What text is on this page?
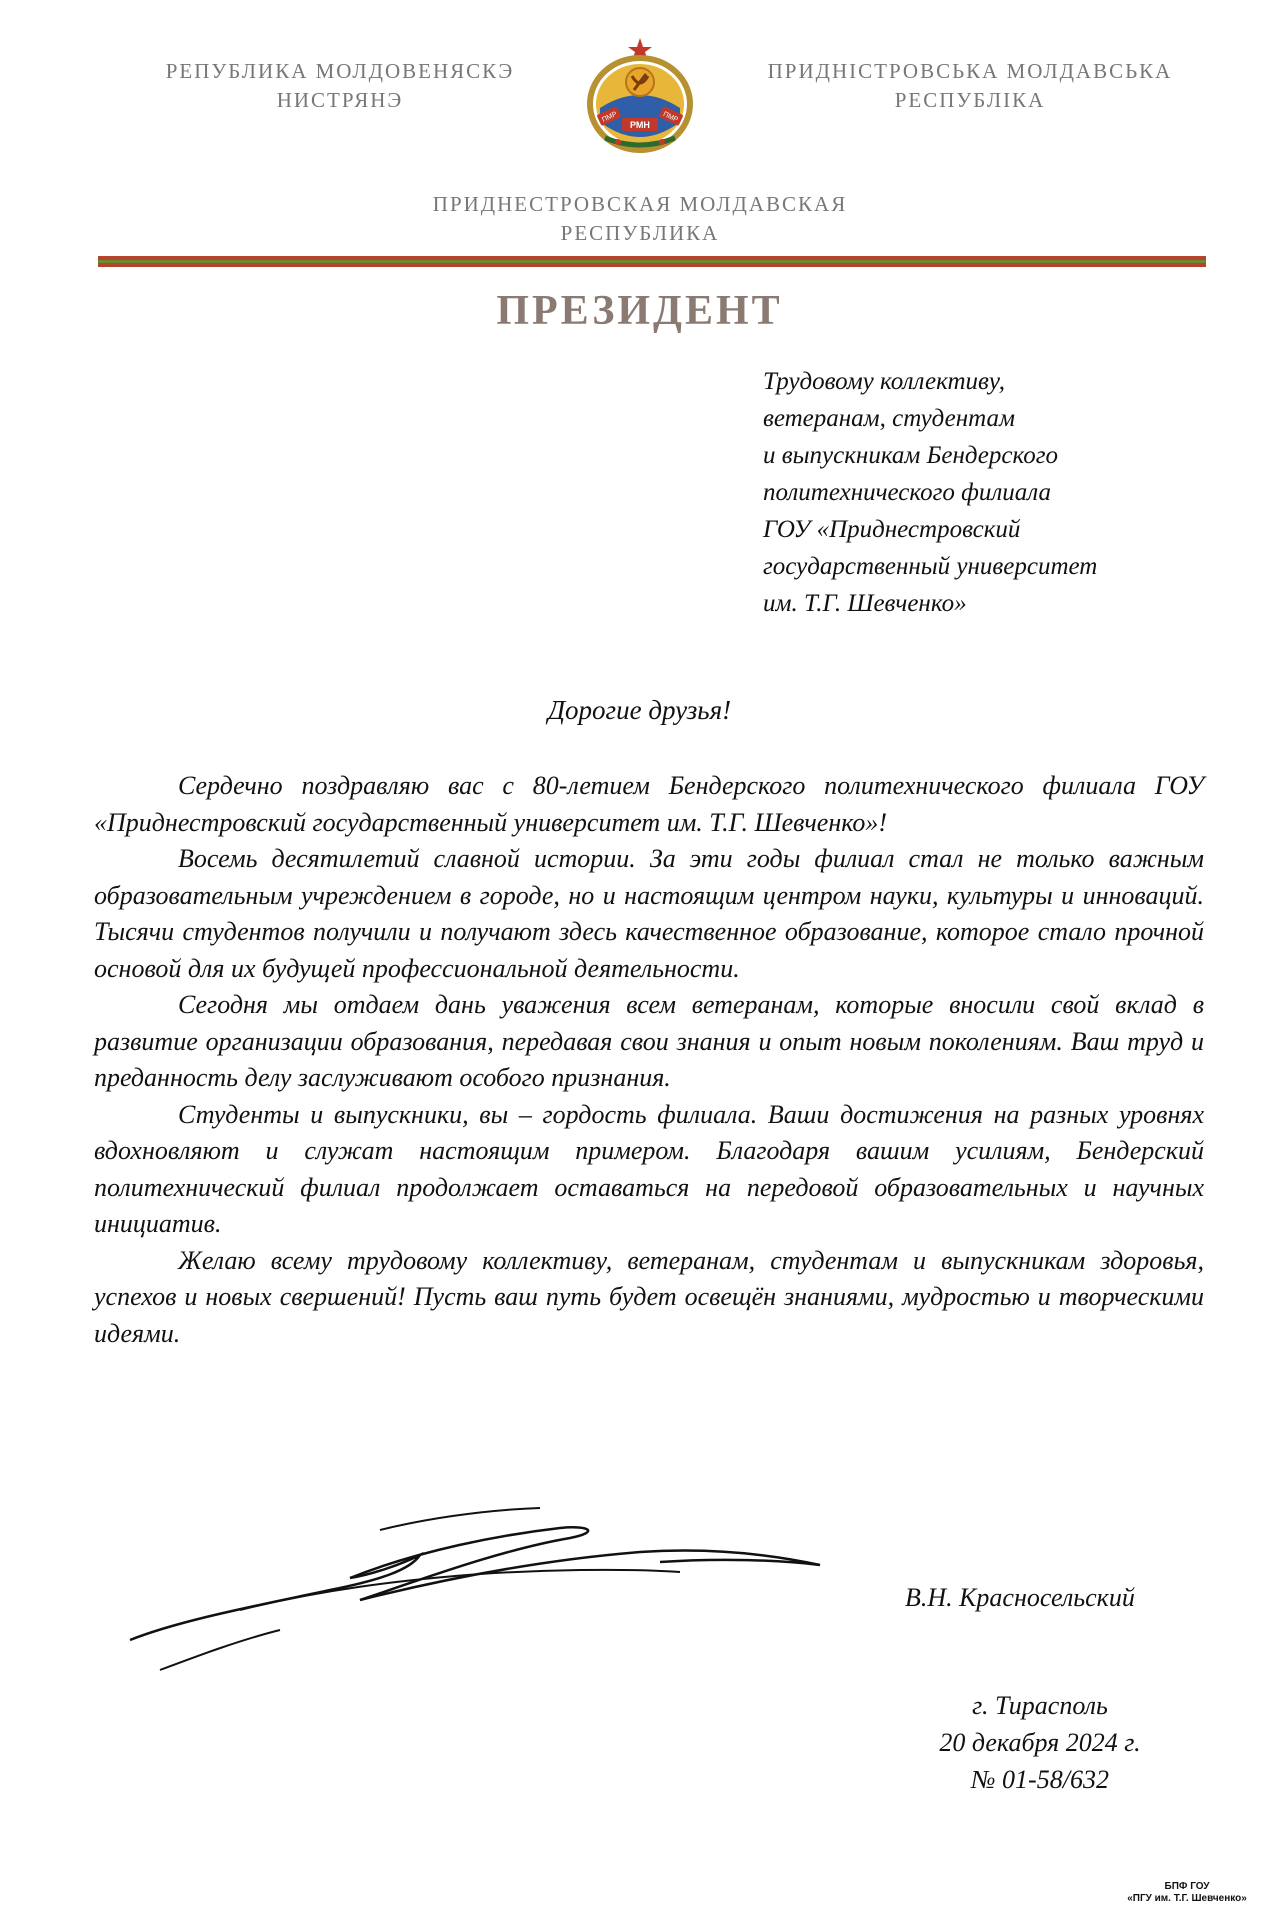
РЕПУБЛИКА МОЛДОВЕНЯСКЭ
НИСТРЯНЭ
ПМР
РМН
ПМР
ПРИДНІСТРОВСЬКА МОЛДАВСЬКА
РЕСПУБЛІКА
ПРИДНЕСТРОВСКАЯ МОЛДАВСКАЯ
РЕСПУБЛИКА
ПРЕЗИДЕНТ
Трудовому коллективу,
ветеранам, студентам
и выпускникам Бендерского
политехнического филиала
ГОУ «Приднестровский
государственный университет
им. Т.Г. Шевченко»
Дорогие друзья!

Сердечно поздравляю вас с 80-летием Бендерского политехнического филиала ГОУ «Приднестровский государственный университет им. Т.Г. Шевченко»!

Восемь десятилетий славной истории. За эти годы филиал стал не только важным образовательным учреждением в городе, но и настоящим центром науки, культуры и инноваций. Тысячи студентов получили и получают здесь качественное образование, которое стало прочной основой для их будущей профессиональной деятельности.

Сегодня мы отдаем дань уважения всем ветеранам, которые вносили свой вклад в развитие организации образования, передавая свои знания и опыт новым поколениям. Ваш труд и преданность делу заслуживают особого признания.

Студенты и выпускники, вы – гордость филиала. Ваши достижения на разных уровнях вдохновляют и служат настоящим примером. Благодаря вашим усилиям, Бендерский политехнический филиал продолжает оставаться на передовой образовательных и научных инициатив.

Желаю всему трудовому коллективу, ветеранам, студентам и выпускникам здоровья, успехов и новых свершений! Пусть ваш путь будет освещён знаниями, мудростью и творческими идеями.

В.Н. Красносельский
г. Тирасполь
20 декабря 2024 г.
№ 01-58/632
БПФ ГОУ
«ПГУ им. Т.Г. Шевченко»
